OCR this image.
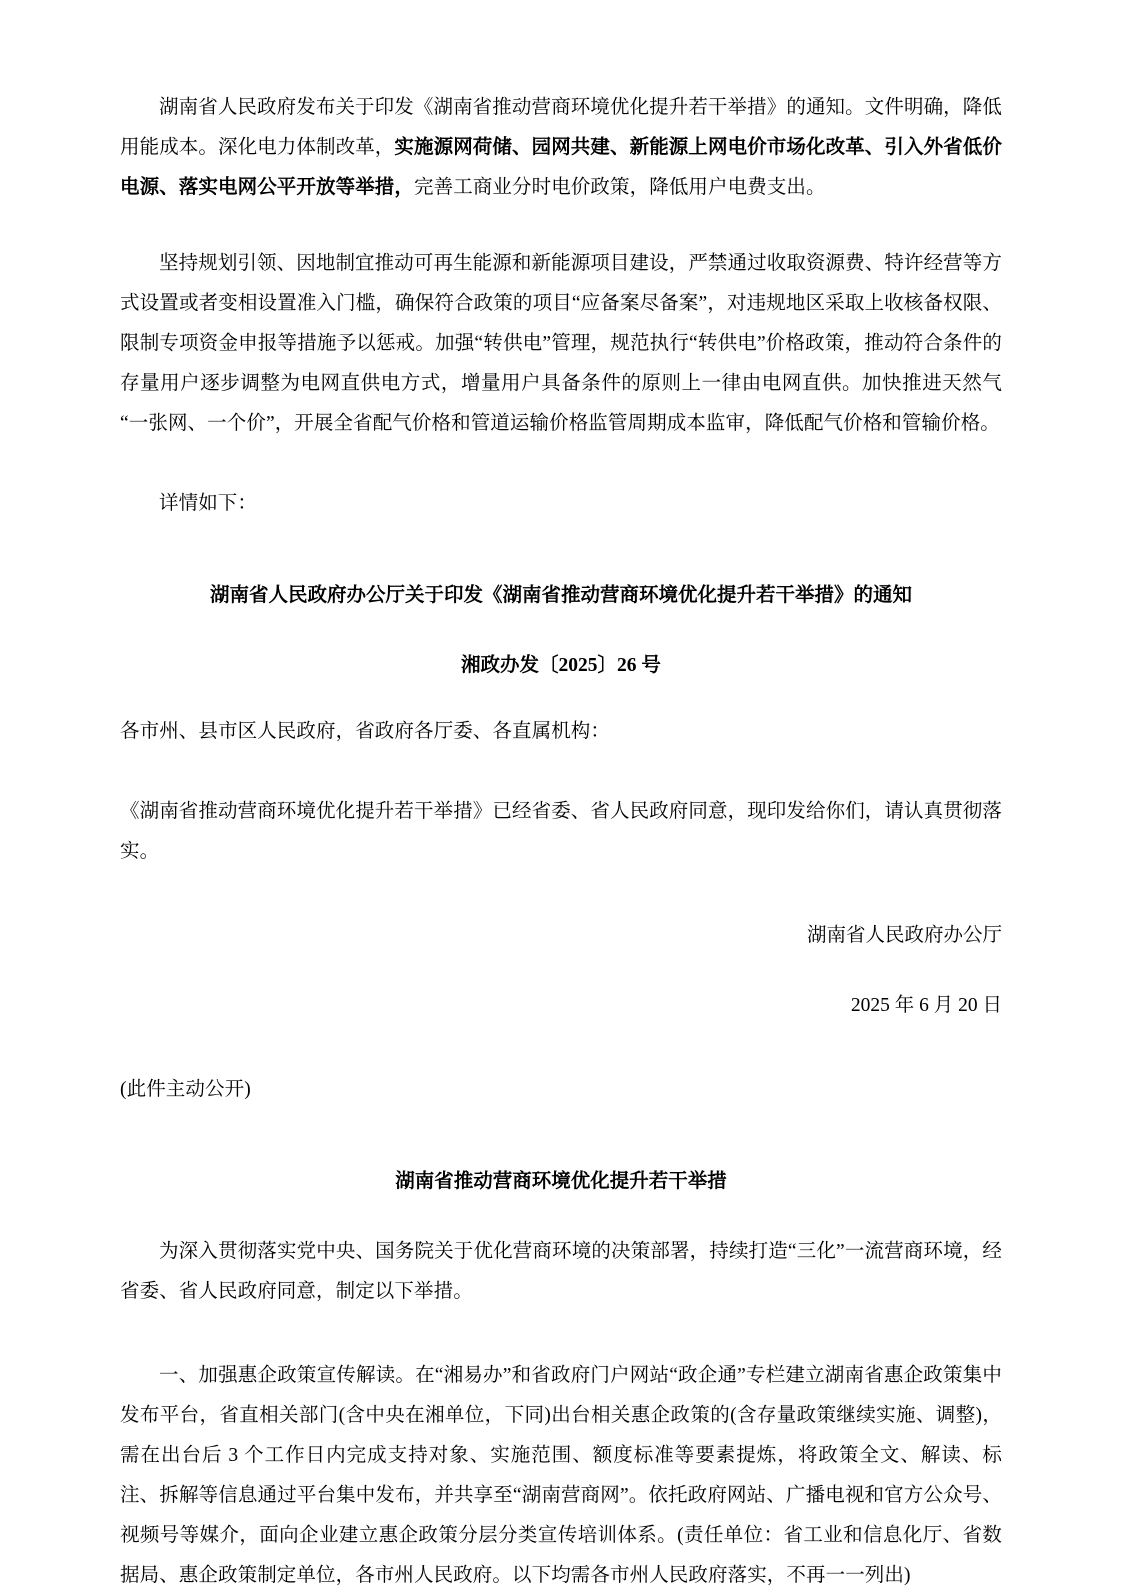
湖南省人民政府发布关于印发《湖南省推动营商环境优化提升若干举措》的通知。文件明确，降低用能成本。深化电力体制改革，实施源网荷储、园网共建、新能源上网电价市场化改革、引入外省低价电源、落实电网公平开放等举措，完善工商业分时电价政策，降低用户电费支出。

坚持规划引领、因地制宜推动可再生能源和新能源项目建设，严禁通过收取资源费、特许经营等方式设置或者变相设置准入门槛，确保符合政策的项目“应备案尽备案”，对违规地区采取上收核备权限、限制专项资金申报等措施予以惩戒。加强“转供电”管理，规范执行“转供电”价格政策，推动符合条件的存量用户逐步调整为电网直供电方式，增量用户具备条件的原则上一律由电网直供。加快推进天然气“一张网、一个价”，开展全省配气价格和管道运输价格监管周期成本监审，降低配气价格和管输价格。

详情如下：

湖南省人民政府办公厅关于印发《湖南省推动营商环境优化提升若干举措》的通知

湘政办发〔2025〕26 号

各市州、县市区人民政府，省政府各厅委、各直属机构：

《湖南省推动营商环境优化提升若干举措》已经省委、省人民政府同意，现印发给你们，请认真贯彻落实。

湖南省人民政府办公厅

2025 年 6 月 20 日

(此件主动公开)

湖南省推动营商环境优化提升若干举措

为深入贯彻落实党中央、国务院关于优化营商环境的决策部署，持续打造“三化”一流营商环境，经省委、省人民政府同意，制定以下举措。

一、加强惠企政策宣传解读。在“湘易办”和省政府门户网站“政企通”专栏建立湖南省惠企政策集中发布平台，省直相关部门(含中央在湘单位，下同)出台相关惠企政策的(含存量政策继续实施、调整)，需在出台后 3 个工作日内完成支持对象、实施范围、额度标准等要素提炼，将政策全文、解读、标注、拆解等信息通过平台集中发布，并共享至“湖南营商网”。依托政府网站、广播电视和官方公众号、视频号等媒介，面向企业建立惠企政策分层分类宣传培训体系。(责任单位：省工业和信息化厅、省数据局、惠企政策制定单位，各市州人民政府。以下均需各市州人民政府落实，不再一一列出)
